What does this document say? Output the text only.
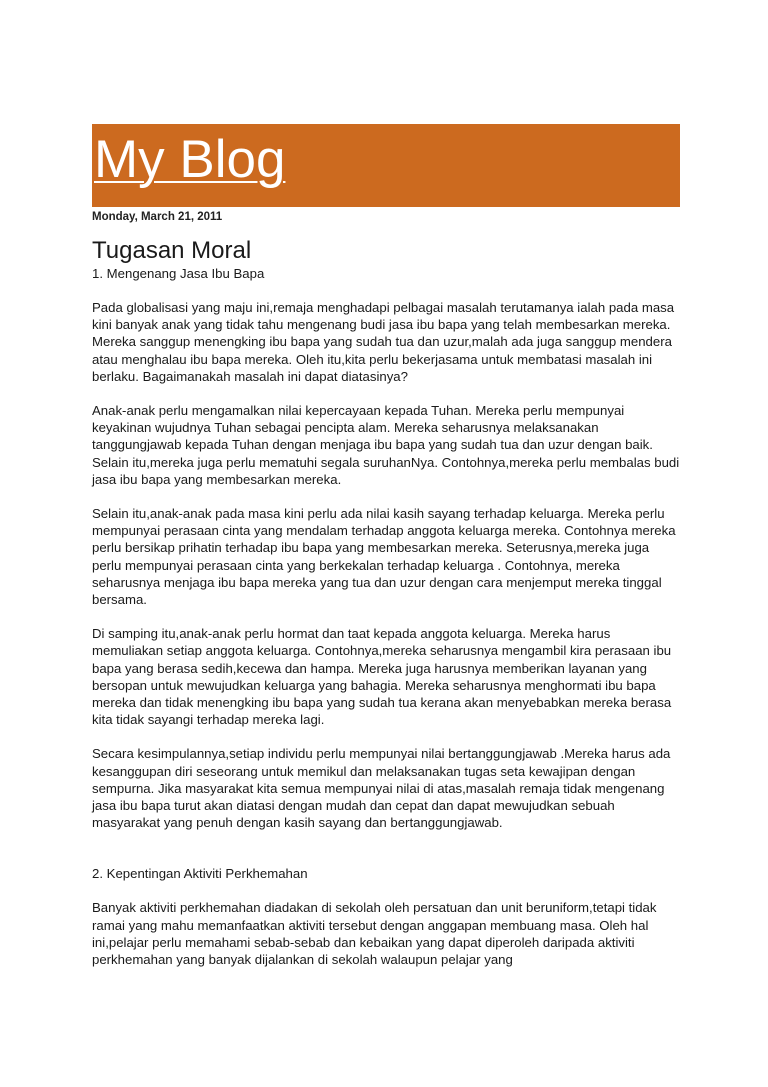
My Blog
Monday, March 21, 2011
Tugasan Moral

1. Mengenang Jasa Ibu Bapa

Pada globalisasi yang maju ini,remaja menghadapi pelbagai masalah terutamanya ialah pada masa kini banyak anak yang tidak tahu mengenang budi jasa ibu bapa yang telah membesarkan mereka. Mereka sanggup menengking ibu bapa yang sudah tua dan uzur,malah ada juga sanggup mendera atau menghalau ibu bapa mereka. Oleh itu,kita perlu bekerjasama untuk membatasi masalah ini berlaku. Bagaimanakah masalah ini dapat diatasinya?

Anak-anak perlu mengamalkan nilai kepercayaan kepada Tuhan. Mereka perlu mempunyai keyakinan wujudnya Tuhan sebagai pencipta alam. Mereka seharusnya melaksanakan tanggungjawab kepada Tuhan dengan menjaga ibu bapa yang sudah tua dan uzur dengan baik. Selain itu,mereka juga perlu mematuhi segala suruhanNya. Contohnya,mereka perlu membalas budi jasa ibu bapa yang membesarkan mereka.

Selain itu,anak-anak pada masa kini perlu ada nilai kasih sayang terhadap keluarga. Mereka perlu mempunyai perasaan cinta yang mendalam terhadap anggota keluarga mereka. Contohnya mereka perlu bersikap prihatin terhadap ibu bapa yang membesarkan mereka. Seterusnya,mereka juga perlu mempunyai perasaan cinta yang berkekalan terhadap keluarga . Contohnya, mereka seharusnya menjaga ibu bapa mereka yang tua dan uzur dengan cara menjemput mereka tinggal bersama.

Di samping itu,anak-anak perlu hormat dan taat kepada anggota keluarga. Mereka harus memuliakan setiap anggota keluarga. Contohnya,mereka seharusnya mengambil kira perasaan ibu bapa yang berasa sedih,kecewa dan hampa. Mereka juga harusnya memberikan layanan yang bersopan untuk mewujudkan keluarga yang bahagia. Mereka seharusnya menghormati ibu bapa mereka dan tidak menengking ibu bapa yang sudah tua kerana akan menyebabkan mereka berasa kita tidak sayangi terhadap mereka lagi.

Secara kesimpulannya,setiap individu perlu mempunyai nilai bertanggungjawab .Mereka harus ada kesanggupan diri seseorang untuk memikul dan melaksanakan tugas seta kewajipan dengan sempurna. Jika masyarakat kita semua mempunyai nilai di atas,masalah remaja tidak mengenang jasa ibu bapa turut akan diatasi dengan mudah dan cepat dan dapat mewujudkan sebuah masyarakat yang penuh dengan kasih sayang dan bertanggungjawab.

2. Kepentingan Aktiviti Perkhemahan

Banyak aktiviti perkhemahan diadakan di sekolah oleh persatuan dan unit beruniform,tetapi tidak ramai yang mahu memanfaatkan aktiviti tersebut dengan anggapan membuang masa. Oleh hal ini,pelajar perlu memahami sebab-sebab dan kebaikan yang dapat diperoleh daripada aktiviti perkhemahan yang banyak dijalankan di sekolah walaupun pelajar yang
